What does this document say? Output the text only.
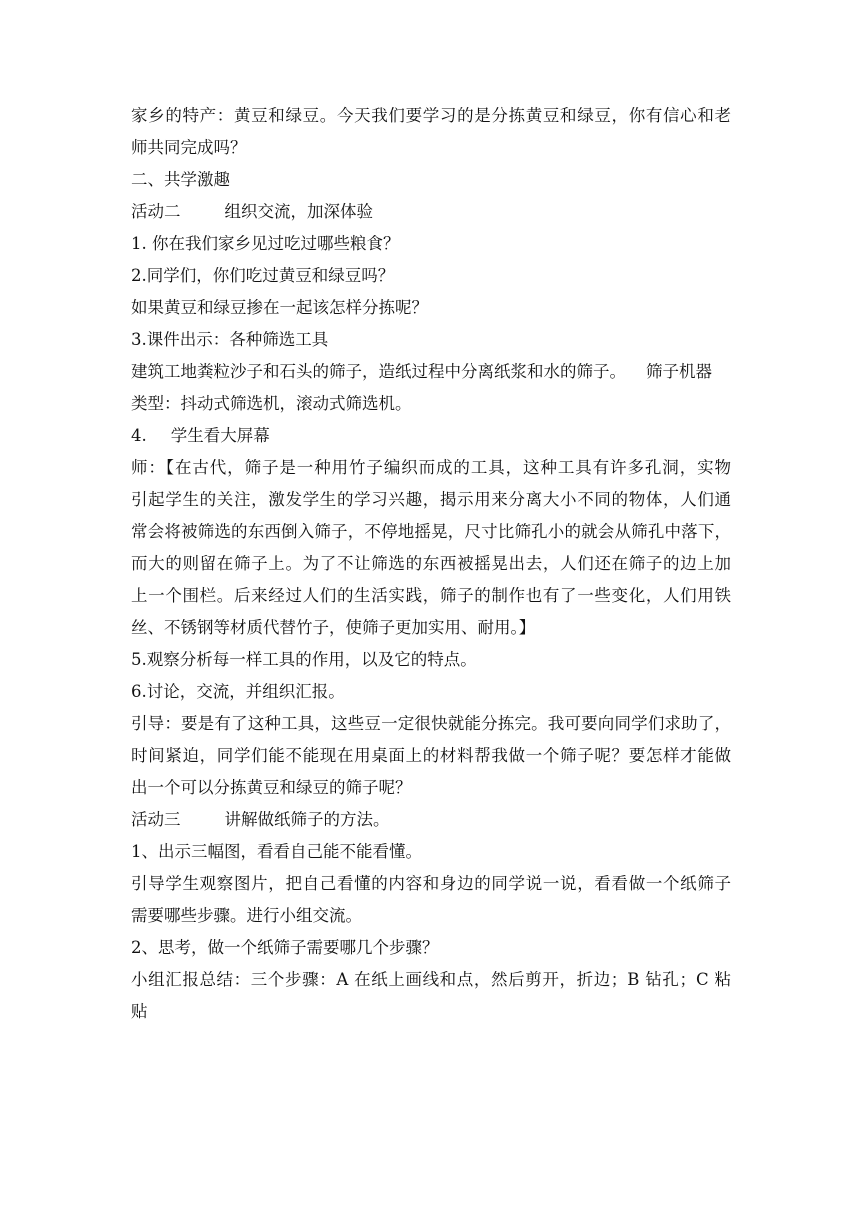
家乡的特产：黄豆和绿豆。今天我们要学习的是分拣黄豆和绿豆，你有信心和老

师共同完成吗？

二、共学激趣

活动二	组织交流，加深体验

1. 你在我们家乡见过吃过哪些粮食？

2.同学们，你们吃过黄豆和绿豆吗？

如果黄豆和绿豆掺在一起该怎样分拣呢？

3.课件出示：各种筛选工具

建筑工地粪粒沙子和石头的筛子，造纸过程中分离纸浆和水的筛子。 筛子机器

类型：抖动式筛选机，滚动式筛选机。

4. 学生看大屏幕

师：【在古代，筛子是一种用竹子编织而成的工具，这种工具有许多孔洞，实物

引起学生的关注，激发学生的学习兴趣，揭示用来分离大小不同的物体，人们通

常会将被筛选的东西倒入筛子，不停地摇晃，尺寸比筛孔小的就会从筛孔中落下，

而大的则留在筛子上。为了不让筛选的东西被摇晃出去，人们还在筛子的边上加

上一个围栏。后来经过人们的生活实践，筛子的制作也有了一些变化，人们用铁

丝、不锈钢等材质代替竹子，使筛子更加实用、耐用。】

5.观察分析每一样工具的作用，以及它的特点。

6.讨论，交流，并组织汇报。

引导：要是有了这种工具，这些豆一定很快就能分拣完。我可要向同学们求助了，

时间紧迫，同学们能不能现在用桌面上的材料帮我做一个筛子呢？要怎样才能做

出一个可以分拣黄豆和绿豆的筛子呢？

活动三	讲解做纸筛子的方法。

1、出示三幅图，看看自己能不能看懂。

引导学生观察图片，把自己看懂的内容和身边的同学说一说，看看做一个纸筛子

需要哪些步骤。进行小组交流。

2、思考，做一个纸筛子需要哪几个步骤？

小组汇报总结：三个步骤：A 在纸上画线和点，然后剪开，折边；B 钻孔；C 粘

贴
